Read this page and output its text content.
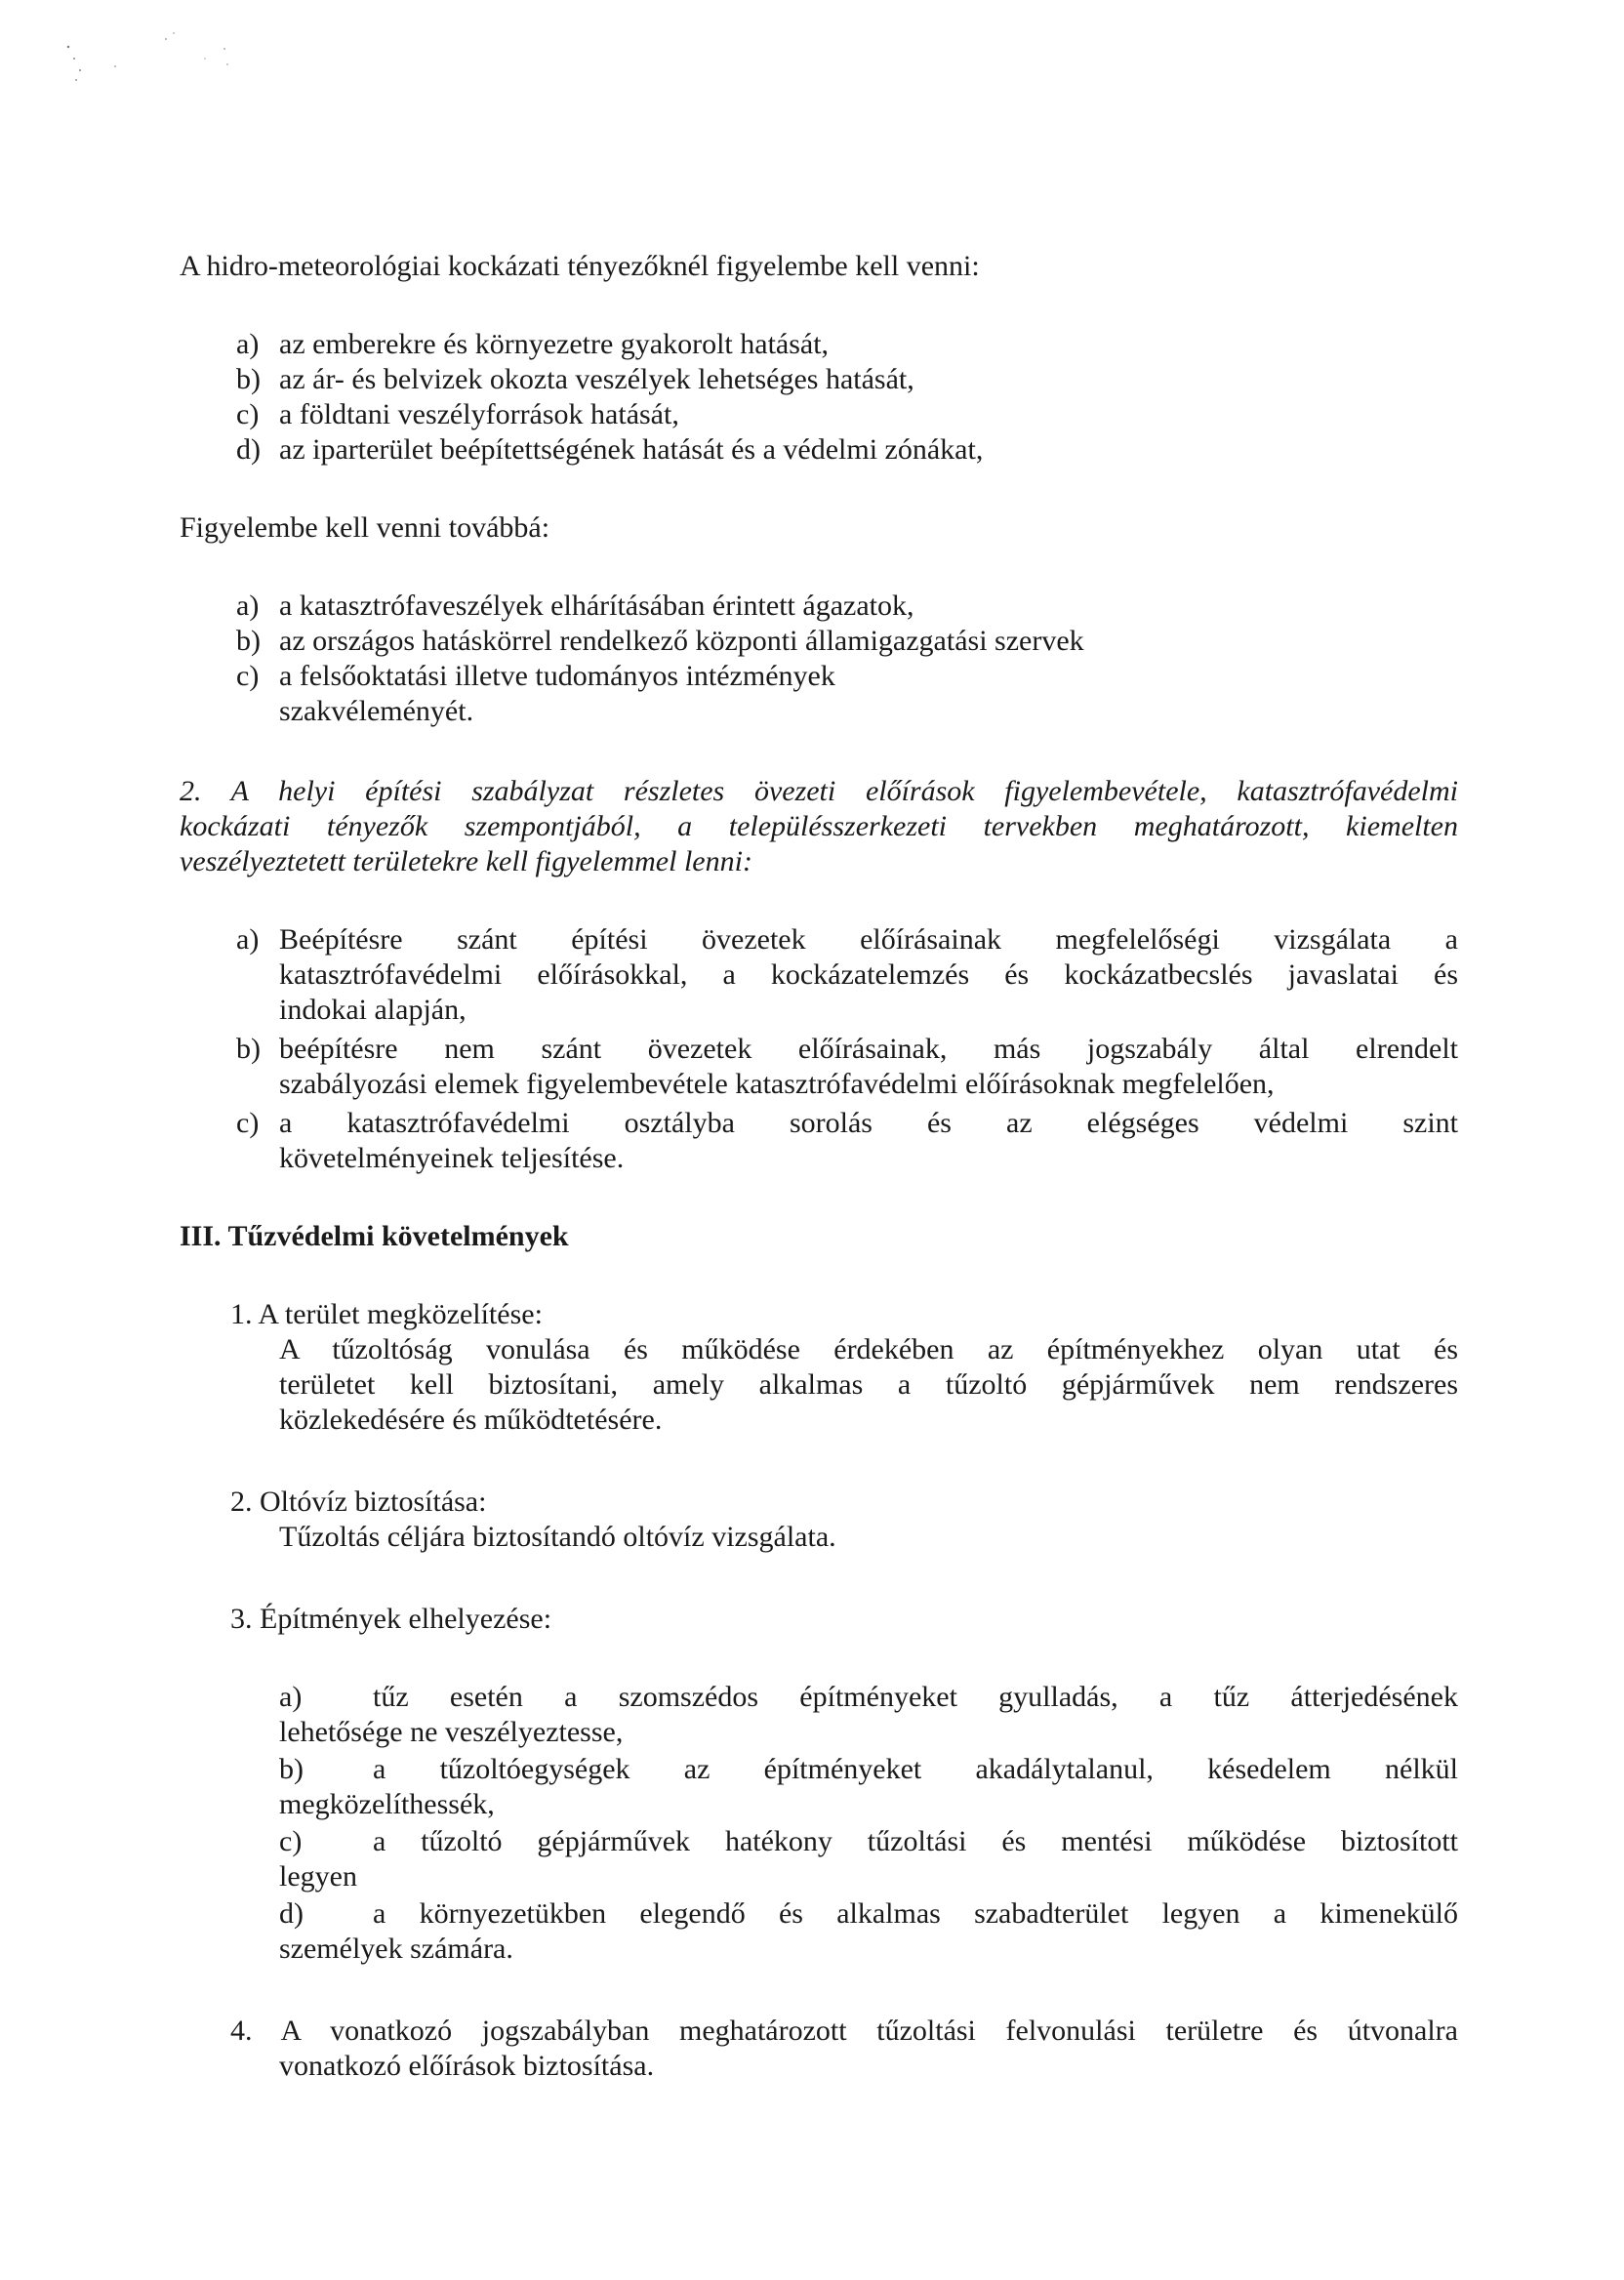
A hidro-meteorológiai kockázati tényezőknél figyelembe kell venni:
a) az emberekre és környezetre gyakorolt hatását,
b) az ár- és belvizek okozta veszélyek lehetséges hatását,
c) a földtani veszélyforrások hatását,
d) az iparterület beépítettségének hatását és a védelmi zónákat,
Figyelembe kell venni továbbá:
a) a katasztrófaveszélyek elhárításában érintett ágazatok,
b) az országos hatáskörrel rendelkező központi államigazgatási szervek
c) a felsőoktatási illetve tudományos intézmények
szakvéleményét.
2. A helyi építési szabályzat részletes övezeti előírások figyelembevétele, katasztrófavédelmi
kockázati tényezők szempontjából, a településszerkezeti tervekben meghatározott, kiemelten
veszélyeztetett területekre kell figyelemmel lenni:
a) Beépítésre szánt építési övezetek előírásainak megfelelőségi vizsgálata a
katasztrófavédelmi előírásokkal, a kockázatelemzés és kockázatbecslés javaslatai és
indokai alapján,
b) beépítésre nem szánt övezetek előírásainak, más jogszabály által elrendelt
szabályozási elemek figyelembevétele katasztrófavédelmi előírásoknak megfelelően,
c) a katasztrófavédelmi osztályba sorolás és az elégséges védelmi szint
követelményeinek teljesítése.
III. Tűzvédelmi követelmények
1. A terület megközelítése:
A tűzoltóság vonulása és működése érdekében az építményekhez olyan utat és
területet kell biztosítani, amely alkalmas a tűzoltó gépjárművek nem rendszeres
közlekedésére és működtetésére.
2. Oltóvíz biztosítása:
Tűzoltás céljára biztosítandó oltóvíz vizsgálata.
3. Építmények elhelyezése:
a) tűz esetén a szomszédos építményeket gyulladás, a tűz átterjedésének
lehetősége ne veszélyeztesse,
b) a tűzoltóegységek az építményeket akadálytalanul, késedelem nélkül
megközelíthessék,
c) a tűzoltó gépjárművek hatékony tűzoltási és mentési működése biztosított
legyen
d) a környezetükben elegendő és alkalmas szabadterület legyen a kimenekülő
személyek számára.
4. A vonatkozó jogszabályban meghatározott tűzoltási felvonulási területre és útvonalra
vonatkozó előírások biztosítása.
